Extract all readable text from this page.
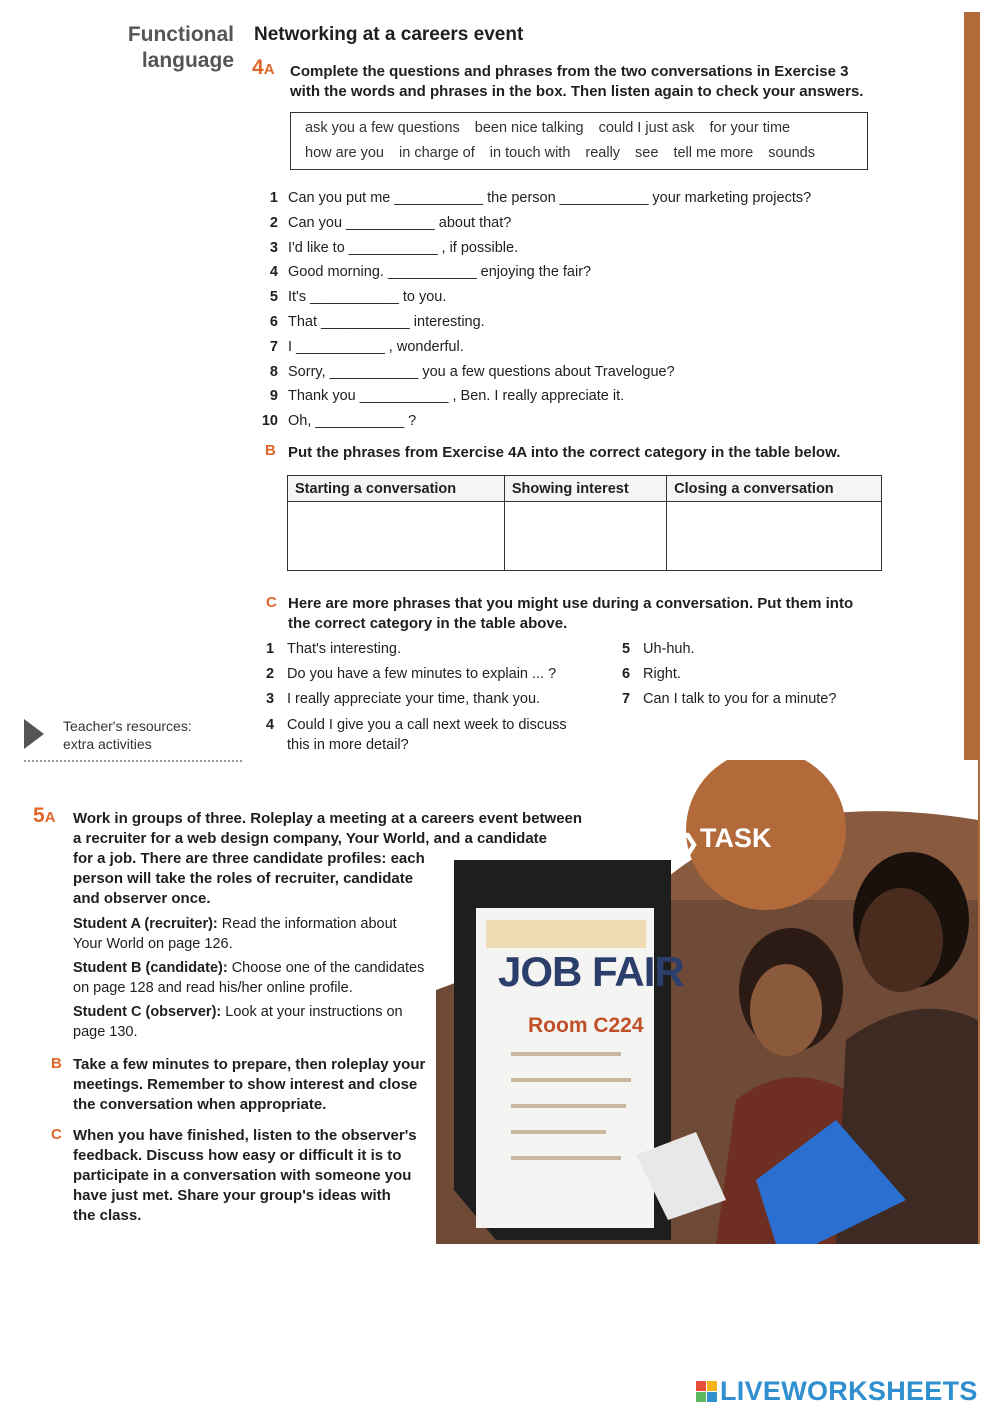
Functional
language
Networking at a careers event
4A Complete the questions and phrases from the two conversations in Exercise 3
with the words and phrases in the box. Then listen again to check your answers.
ask you a few questions been nice talking could I just ask for your time
how are you in charge of in touch with really see tell me more sounds
1 Can you put me ___________ the person ___________ your marketing projects?
2 Can you ___________ about that?
3 I'd like to ___________ , if possible.
4 Good morning. ___________ enjoying the fair?
5 It's ___________ to you.
6 That ___________ interesting.
7 I ___________ , wonderful.
8 Sorry, ___________ you a few questions about Travelogue?
9 Thank you ___________ , Ben. I really appreciate it.
10 Oh, ___________ ?
B Put the phrases from Exercise 4A into the correct category in the table below.
Starting a conversation	Showing interest	Closing a conversation

C Here are more phrases that you might use during a conversation. Put them into
the correct category in the table above.
1 That's interesting.
2 Do you have a few minutes to explain ... ?
3 I really appreciate your time, thank you.
4 Could I give you a call next week to discuss
this in more detail?
5 Uh-huh.
6 Right.
7 Can I talk to you for a minute?
Teacher's resources:
extra activities
JOB FAIR
Room C224
❯ TASK
5A Work in groups of three. Roleplay a meeting at a careers event between
a recruiter for a web design company, Your World, and a candidate
for a job. There are three candidate profiles: each
person will take the roles of recruiter, candidate
and observer once.
Student A (recruiter): Read the information about
Your World on page 126.
Student B (candidate): Choose one of the candidates
on page 128 and read his/her online profile.
Student C (observer): Look at your instructions on
page 130.
B Take a few minutes to prepare, then roleplay your
meetings. Remember to show interest and close
the conversation when appropriate.
C When you have finished, listen to the observer's
feedback. Discuss how easy or difficult it is to
participate in a conversation with someone you
have just met. Share your group's ideas with
the class.
LIVEWORKSHEETS
